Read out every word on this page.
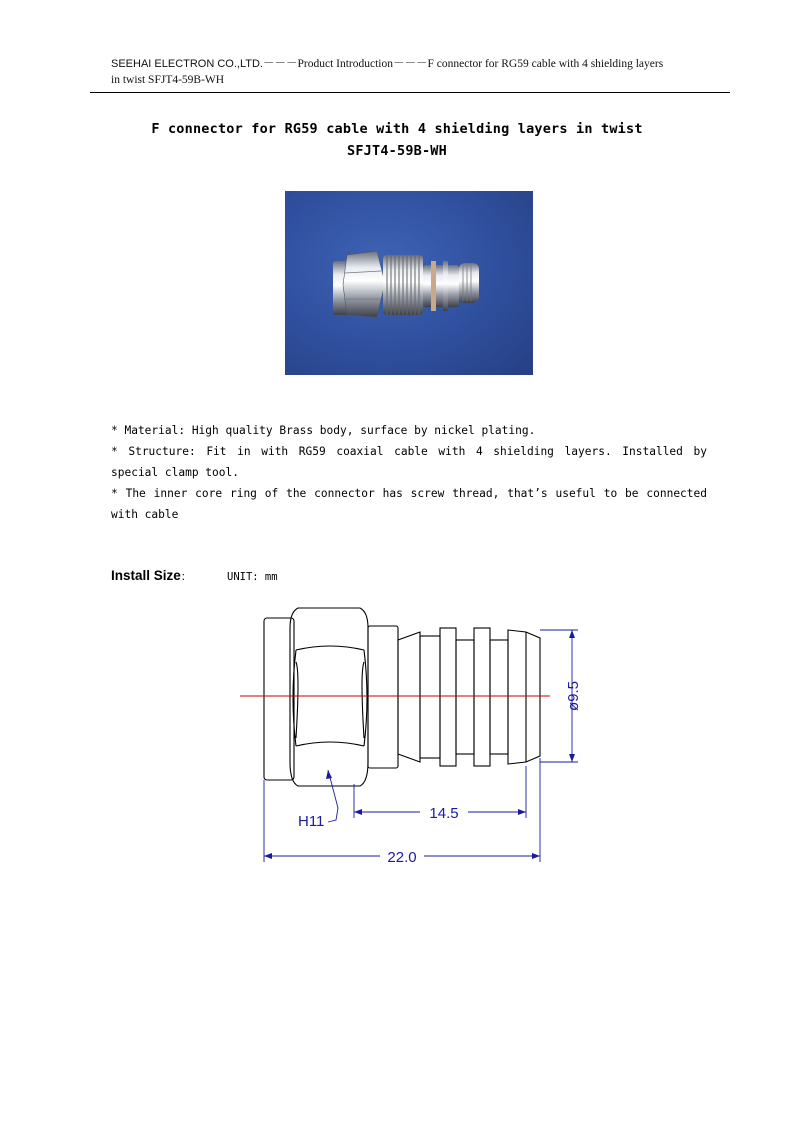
SEEHAI ELECTRON CO.,LTD.－－－Product Introduction－－－F connector for RG59 cable with 4 shielding layers
in twist SFJT4-59B-WH
F connector for RG59 cable with 4 shielding layers in twist
SFJT4-59B-WH

* Material: High quality Brass body, surface by nickel plating.

* Structure: Fit in with RG59 coaxial cable with 4 shielding layers. Installed by special clamp tool.

* The inner core ring of the connector has screw thread, that’s useful to be connected with cable

Install Size：	UNIT: mm
H11	14.5
22.0
ø9.5
